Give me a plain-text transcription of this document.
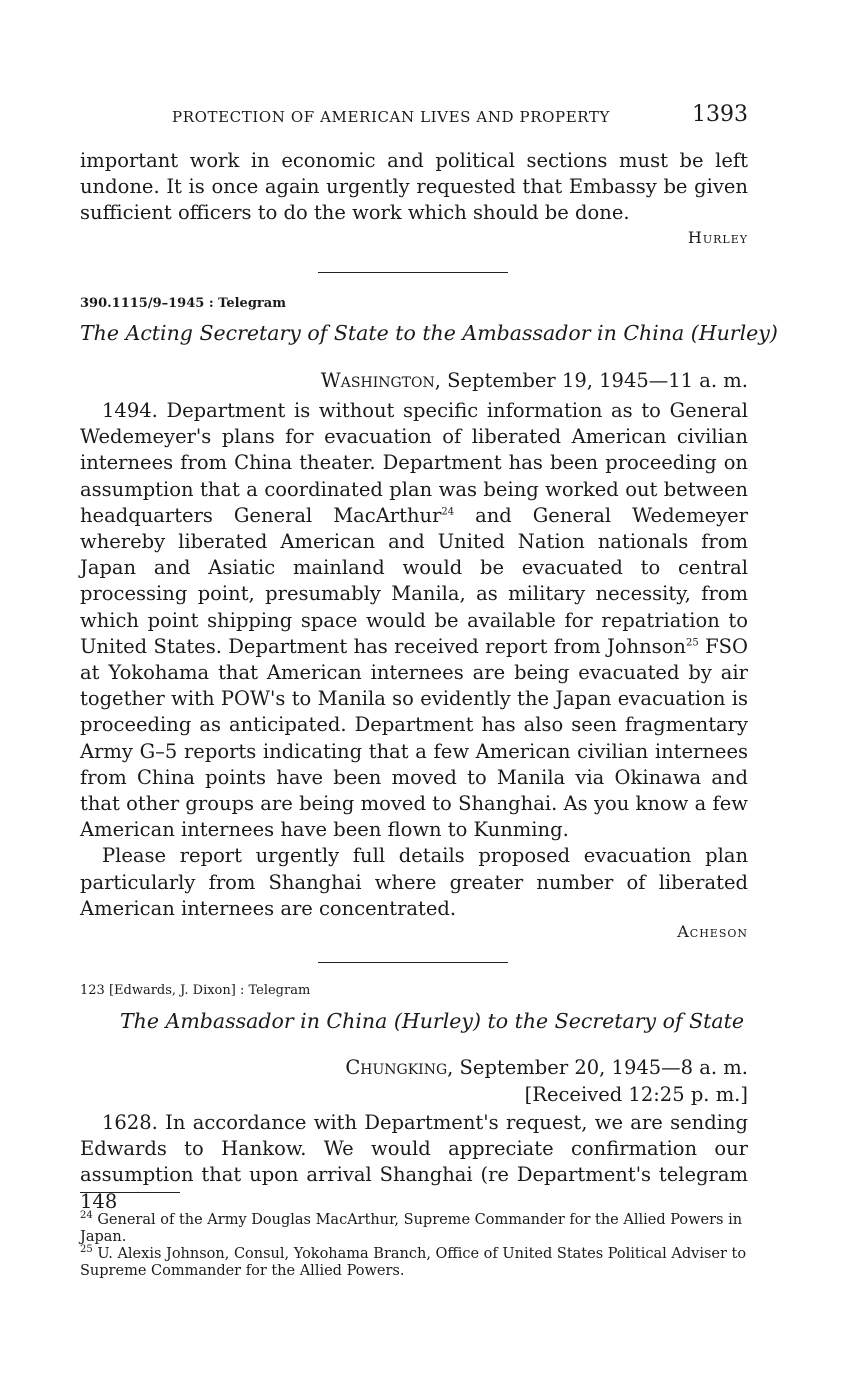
PROTECTION OF AMERICAN LIVES AND PROPERTY	1393

important work in economic and political sections must be left undone. It is once again urgently requested that Embassy be given sufficient officers to do the work which should be done.

Hurley
390.1115/9–1945 : Telegram
The Acting Secretary of State to the Ambassador in China (Hurley)
Washington, September 19, 1945—11 a. m.

1494. Department is without specific information as to General Wedemeyer's plans for evacuation of liberated American civilian internees from China theater. Department has been proceeding on assumption that a coordinated plan was being worked out between headquarters General MacArthur$^{24}$ and General Wedemeyer whereby liberated American and United Nation nationals from Japan and Asiatic mainland would be evacuated to central processing point, presumably Manila, as military necessity, from which point shipping space would be available for repatriation to United States. Department has received report from Johnson$^{25}$ FSO at Yokohama that American internees are being evacuated by air together with POW's to Manila so evidently the Japan evacuation is proceeding as anticipated. Department has also seen fragmentary Army G–5 reports indicating that a few American civilian internees from China points have been moved to Manila via Okinawa and that other groups are being moved to Shanghai. As you know a few American internees have been flown to Kunming.

Please report urgently full details proposed evacuation plan particularly from Shanghai where greater number of liberated American internees are concentrated.

Acheson
123 [Edwards, J. Dixon] : Telegram
The Ambassador in China (Hurley) to the Secretary of State
Chungking, September 20, 1945—8 a. m.
[Received 12:25 p. m.]

1628. In accordance with Department's request, we are sending Edwards to Hankow. We would appreciate confirmation our assumption that upon arrival Shanghai (re Department's telegram 148

$^{24}$ General of the Army Douglas MacArthur, Supreme Commander for the Allied Powers in Japan.
$^{25}$ U. Alexis Johnson, Consul, Yokohama Branch, Office of United States Political Adviser to Supreme Commander for the Allied Powers.
